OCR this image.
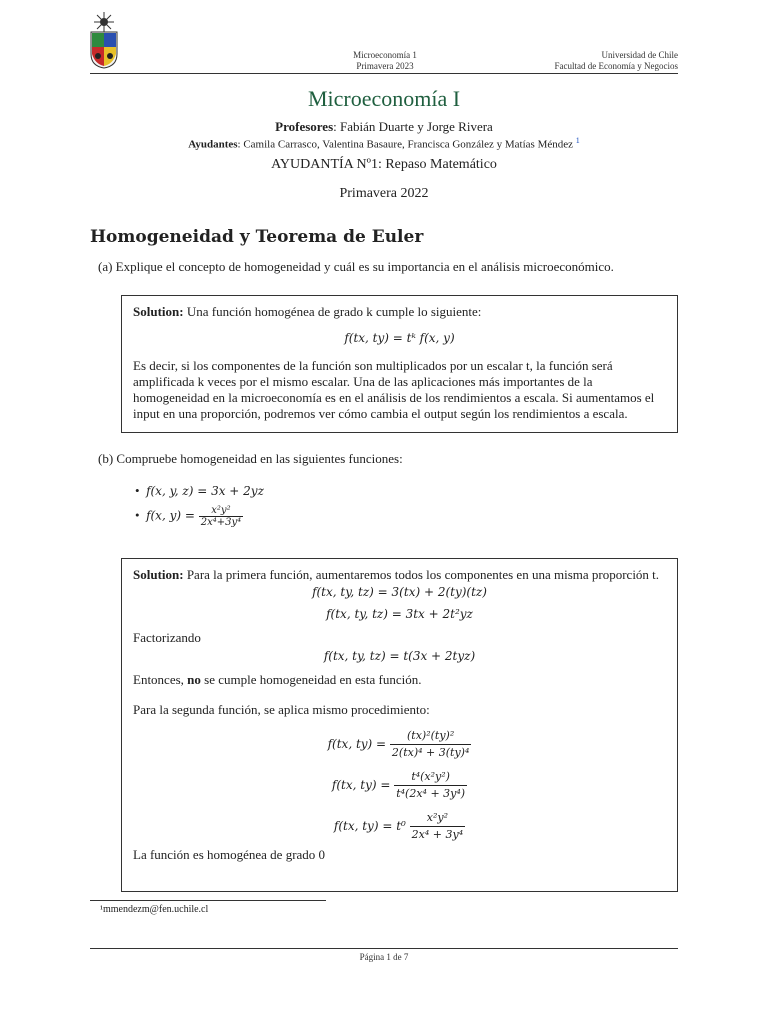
Microeconomía 1
Primavera 2023
Universidad de Chile
Facultad de Economía y Negocios
Microeconomía I
Profesores: Fabián Duarte y Jorge Rivera
Ayudantes: Camila Carrasco, Valentina Basaure, Francisca González y Matías Méndez $^1$
AYUDANTÍA Nº1: Repaso Matemático
Primavera 2022
Homogeneidad y Teorema de Euler
(a) Explique el concepto de homogeneidad y cuál es su importancia en el análisis microeconómico.

Solution: Una función homogénea de grado k cumple lo siguiente:

f(tx, ty) = tᵏ f(x, y)

Es decir, si los componentes de la función son multiplicados por un escalar t, la función será amplificada k veces por el mismo escalar. Una de las aplicaciones más importantes de la homogeneidad en la microeconomía es en el análisis de los rendimientos a escala. Si aumentamos el input en una proporción, podremos ver cómo cambia el output según los rendimientos a escala.

(b) Compruebe homogeneidad en las siguientes funciones:
•  f(x, y, z) = 3x + 2yz
•  f(x, $y) = \frac{\text{x²y²}}{\text{2x⁴+3y⁴}}$

Solution: Para la primera función, aumentaremos todos los componentes en una misma proporción t.

f(tx, ty, tz) = 3(tx) + 2(ty)(tz)

f(tx, ty, tz) = 3tx + 2t²yz

Factorizando

f(tx, ty, tz) = t(3x + 2tyz)

Entonces, no se cumple homogeneidad en esta función.

Para la segunda función, se aplica mismo procedimiento:

f(tx, $ty) = \frac{\text{(tx)²(ty)²}}{\text{2(tx)⁴ + 3(ty)⁴}}$

f(tx, $ty) = \frac{\text{t⁴(x²y²)}}{\text{t⁴(2x⁴ + 3y⁴)}}$

f(tx, $ty) = t^0 \frac{\text{x²y²}}{\text{2x⁴ + 3y⁴}}$

La función es homogénea de grado 0

¹mmendezm@fen.uchile.cl
Página 1 de 7
